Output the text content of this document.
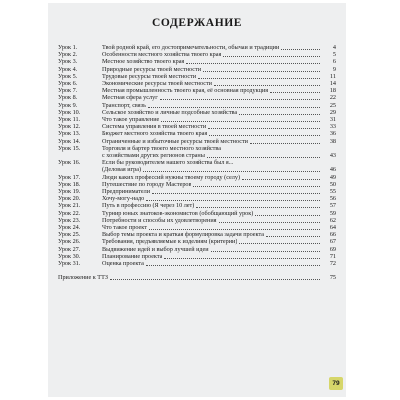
СОДЕРЖАНИЕ
Урок 1.	Твой родной край, его достопримечательности, обычаи и традиции	4
Урок 2.	Особенности местного хозяйства твоего края	5
Урок 3.	Местное хозяйство твоего края	6
Урок 4.	Природные ресурсы твоей местности	9
Урок 5.	Трудовые ресурсы твоей местности	11
Урок 6.	Экономические ресурсы твоей местности	14
Урок 7.	Местная промышленность твоего края, её основная продукция	18
Урок 8.	Местная сфера услуг	22
Урок 9.	Транспорт, связь	25
Урок 10.	Сельское хозяйство и личные подсобные хозяйства	29
Урок 11.	Что такое управление	31
Урок 12.	Система управления в твоей местности	33
Урок 13.	Бюджет местного хозяйства твоего края	36
Урок 14.	Ограниченные и избыточные ресурсы твоей местности	38
Урок 15.	Торговля и бартер твоего местного хозяйства
с хозяйствами других регионов страны	43
Урок 16.	Если бы руководителем нашего хозяйства был я...
(Деловая игра)	46
Урок 17.	Люди каких профессий нужны твоему городу (селу)	49
Урок 18.	Путешествие по городу Мастеров	50
Урок 19.	Предприниматели	55
Урок 20.	Хочу-могу-надо	56
Урок 21.	Путь в профессию (Я через 10 лет)	57
Урок 22.	Турнир юных знатоков-экономистов (обобщающий урок)	59
Урок 23.	Потребности и способы их удовлетворения	62
Урок 24.	Что такое проект	64
Урок 25.	Выбор темы проекта и краткая формулировка задачи проекта	66
Урок 26.	Требования, предъявляемые к изделиям (критерии)	67
Урок 27.	Выдвижение идей и выбор лучшей идеи	69
Урок 30.	Планирование проекта	71
Урок 31.	Оценка проекта	72
Приложение к ТТЗ	75
79
